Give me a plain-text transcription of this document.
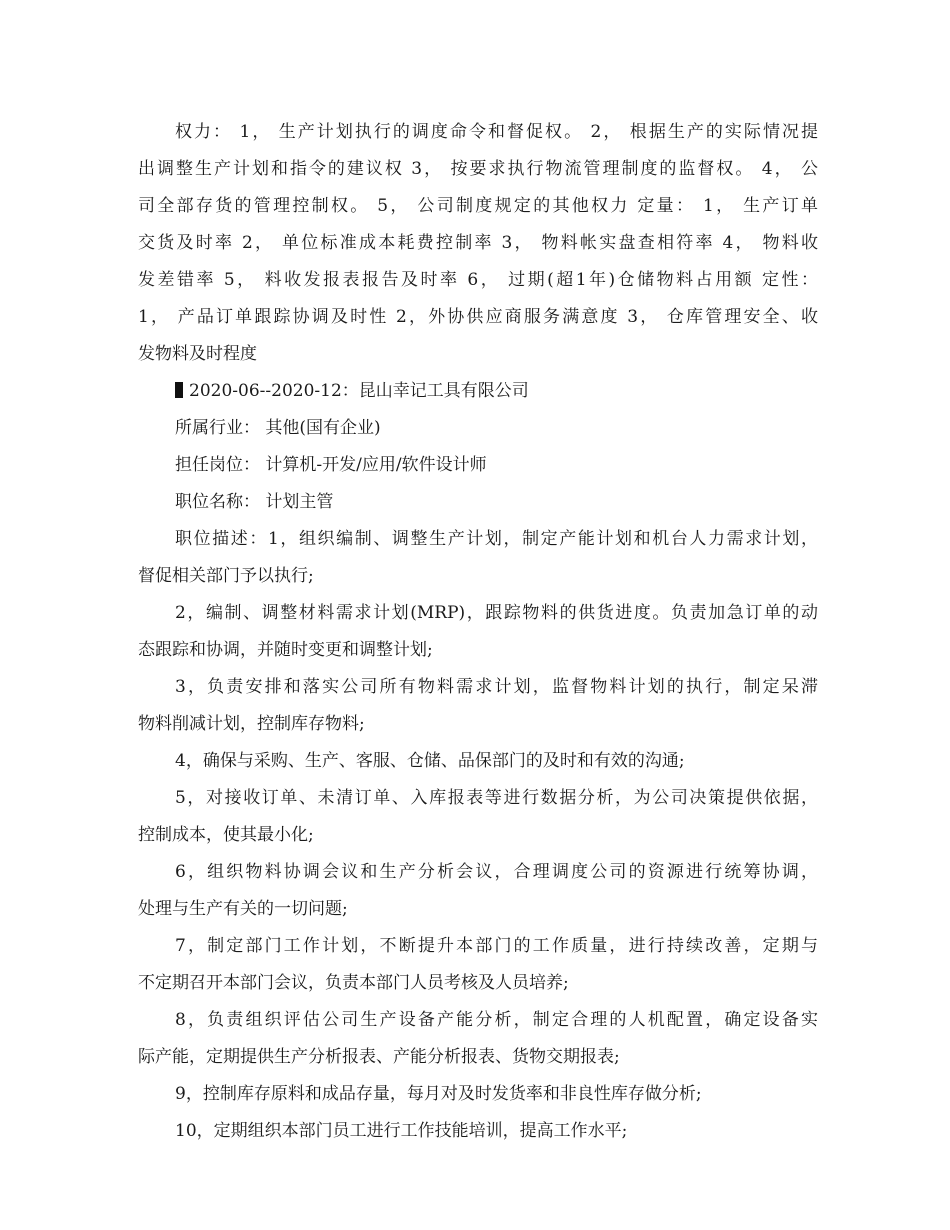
权力： 1， 生产计划执行的调度命令和督促权。 2， 根据生产的实际情况提
出调整生产计划和指令的建议权 3， 按要求执行物流管理制度的监督权。 4， 公
司全部存货的管理控制权。 5， 公司制度规定的其他权力 定量： 1， 生产订单
交货及时率 2， 单位标准成本耗费控制率 3， 物料帐实盘查相符率 4， 物料收
发差错率 5， 料收发报表报告及时率 6， 过期(超1年)仓储物料占用额 定性：
1， 产品订单跟踪协调及时性 2，外协供应商服务满意度 3， 仓库管理安全、收
发物料及时程度
2020-06--2020-12：昆山幸记工具有限公司
所属行业： 其他(国有企业)
担任岗位： 计算机-开发/应用/软件设计师
职位名称： 计划主管
职位描述：1，组织编制、调整生产计划，制定产能计划和机台人力需求计划，
督促相关部门予以执行;
2，编制、调整材料需求计划(MRP)，跟踪物料的供货进度。负责加急订单的动
态跟踪和协调，并随时变更和调整计划;
3，负责安排和落实公司所有物料需求计划，监督物料计划的执行，制定呆滞
物料削减计划，控制库存物料;
4，确保与采购、生产、客服、仓储、品保部门的及时和有效的沟通;
5，对接收订单、未清订单、入库报表等进行数据分析，为公司决策提供依据，
控制成本，使其最小化;
6，组织物料协调会议和生产分析会议，合理调度公司的资源进行统筹协调，
处理与生产有关的一切问题;
7，制定部门工作计划，不断提升本部门的工作质量，进行持续改善，定期与
不定期召开本部门会议，负责本部门人员考核及人员培养;
8，负责组织评估公司生产设备产能分析，制定合理的人机配置，确定设备实
际产能，定期提供生产分析报表、产能分析报表、货物交期报表;
9，控制库存原料和成品存量，每月对及时发货率和非良性库存做分析;
10，定期组织本部门员工进行工作技能培训，提高工作水平;
